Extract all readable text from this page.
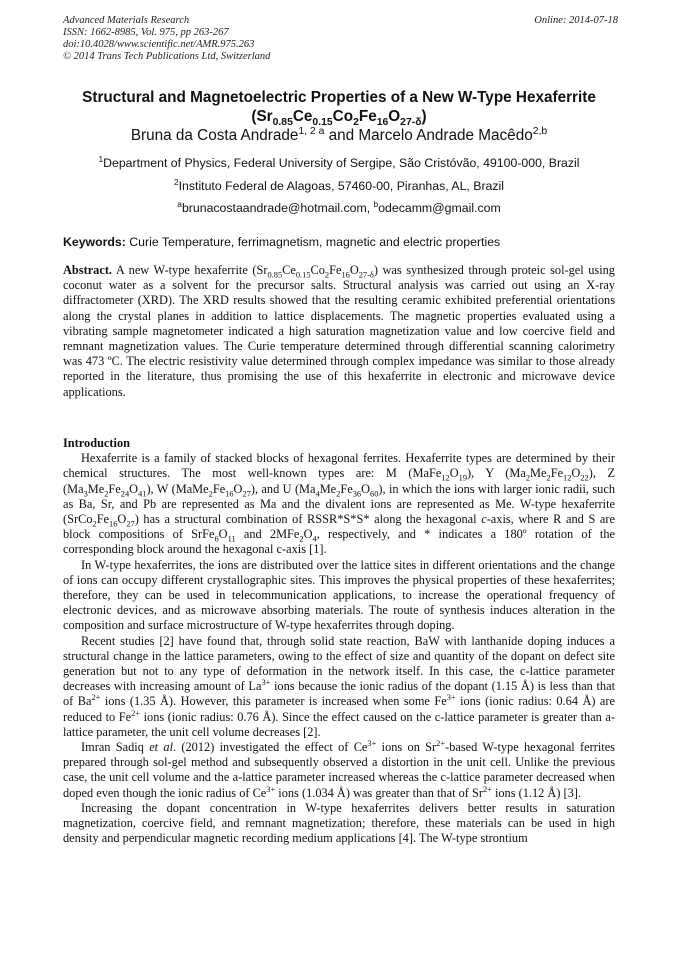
Advanced Materials Research
ISSN: 1662-8985, Vol. 975, pp 263-267
doi:10.4028/www.scientific.net/AMR.975.263
© 2014 Trans Tech Publications Ltd, Switzerland
Online: 2014-07-18
Structural and Magnetoelectric Properties of a New W-Type Hexaferrite
$(Sr_{0.85}Ce_{0.15}Co_2Fe_{16}O_{27-\delta})$
Bruna da Costa Andrade$^{1, 2 a}$ and Marcelo Andrade Macêdo$^{2,b}$
$^1$Department of Physics, Federal University of Sergipe, São Cristóvão, 49100-000, Brazil
$^2$Instituto Federal de Alagoas, 57460-00, Piranhas, AL, Brazil
$^a$brunacostaandrade@hotmail.com, $^b$odecamm@gmail.com
Keywords: Curie Temperature, ferrimagnetism, magnetic and electric properties
Abstract. A new W-type hexaferrite $(Sr_{0.85}Ce_{0.15}Co_2Fe_{16}O_{27-\delta})$ was synthesized through proteic sol-gel using coconut water as a solvent for the precursor salts. Structural analysis was carried out using an X-ray diffractometer (XRD). The XRD results showed that the resulting ceramic exhibited preferential orientations along the crystal planes in addition to lattice displacements. The magnetic properties evaluated using a vibrating sample magnetometer indicated a high saturation magnetization value and low coercive field and remnant magnetization values. The Curie temperature determined through differential scanning calorimetry was 473 ºC. The electric resistivity value determined through complex impedance was similar to those already reported in the literature, thus promising the use of this hexaferrite in electronic and microwave device applications.
Introduction

Hexaferrite is a family of stacked blocks of hexagonal ferrites. Hexaferrite types are determined by their chemical structures. The most well-known types are: M $(MaFe_{12}O_{19})$, Y $(Ma_2Me_2Fe_{12}O_{22})$, Z $(Ma_3Me_2Fe_{24}O_{41})$, W $(MaMe_2Fe_{16}O_{27})$, and U $(Ma_4Me_2Fe_{36}O_{60})$, in which the ions with larger ionic radii, such as Ba, Sr, and Pb are represented as Ma and the divalent ions are represented as Me. W-type hexaferrite $(SrCo_2Fe_{16}O_{27})$ has a structural combination of RSSR*S*S* along the hexagonal c-axis, where R and S are block compositions of $SrFe_6O_{11}$ and $2MFe_2O_4$, respectively, and * indicates a 180º rotation of the corresponding block around the hexagonal c-axis [1].

In W-type hexaferrites, the ions are distributed over the lattice sites in different orientations and the change of ions can occupy different crystallographic sites. This improves the physical properties of these hexaferrites; therefore, they can be used in telecommunication applications, to increase the operational frequency of electronic devices, and as microwave absorbing materials. The route of synthesis induces alteration in the composition and surface microstructure of W-type hexaferrites through doping.

Recent studies [2] have found that, through solid state reaction, BaW with lanthanide doping induces a structural change in the lattice parameters, owing to the effect of size and quantity of the dopant on defect site generation but not to any type of deformation in the network itself. In this case, the c-lattice parameter decreases with increasing amount of $La^{3+}$ ions because the ionic radius of the dopant (1.15 Å) is less than that of $Ba^{2+}$ ions (1.35 Å). However, this parameter is increased when some $Fe^{3+}$ ions (ionic radius: 0.64 Å) are reduced to $Fe^{2+}$ ions (ionic radius: 0.76 Å). Since the effect caused on the c-lattice parameter is greater than a-lattice parameter, the unit cell volume decreases [2].

Imran Sadiq et al. (2012) investigated the effect of $Ce^{3+}$ ions on $Sr^{2+}$-based W-type hexagonal ferrites prepared through sol-gel method and subsequently observed a distortion in the unit cell. Unlike the previous case, the unit cell volume and the a-lattice parameter increased whereas the c-lattice parameter decreased when doped even though the ionic radius of $Ce^{3+}$ ions (1.034 Å) was greater than that of $Sr^{2+}$ ions (1.12 Å) [3].

Increasing the dopant concentration in W-type hexaferrites delivers better results in saturation magnetization, coercive field, and remnant magnetization; therefore, these materials can be used in high density and perpendicular magnetic recording medium applications [4]. The W-type strontium
